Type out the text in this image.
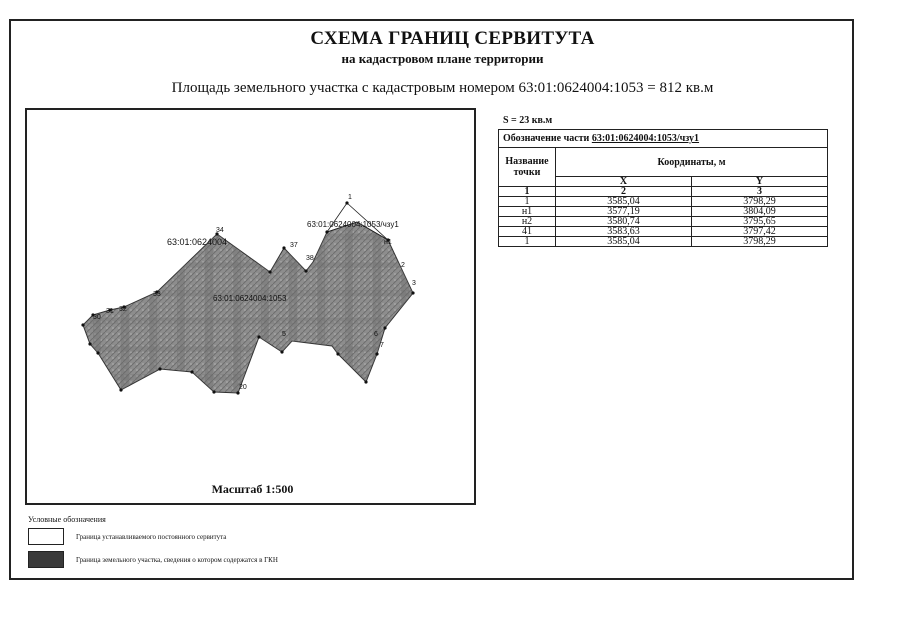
СХЕМА ГРАНИЦ СЕРВИТУТА
на кадастровом плане территории
Площадь земельного участка с кадастровым номером 63:01:0624004:1053 = 812 кв.м
1
н1
2
3
5	6
7
34
37
38
30
31 32
33
20
63:01:0624004
63:01:0624004:1053
63:01:0624004:1053/чзу1
Масштаб 1:500
S = 23 кв.м
Обозначение части 63:01:0624004:1053/чзу1		
Название точки	Координаты, м	
	X	Y
1	2	3
1	3585,04	3798,29
н1	3577,19	3804,09
н2	3580,74	3795,65
41	3583,63	3797,42
1	3585,04	3798,29
Условные обозначения
Граница устанавливаемого постоянного сервитута
Граница земельного участка, сведения о котором содержатся в ГКН
